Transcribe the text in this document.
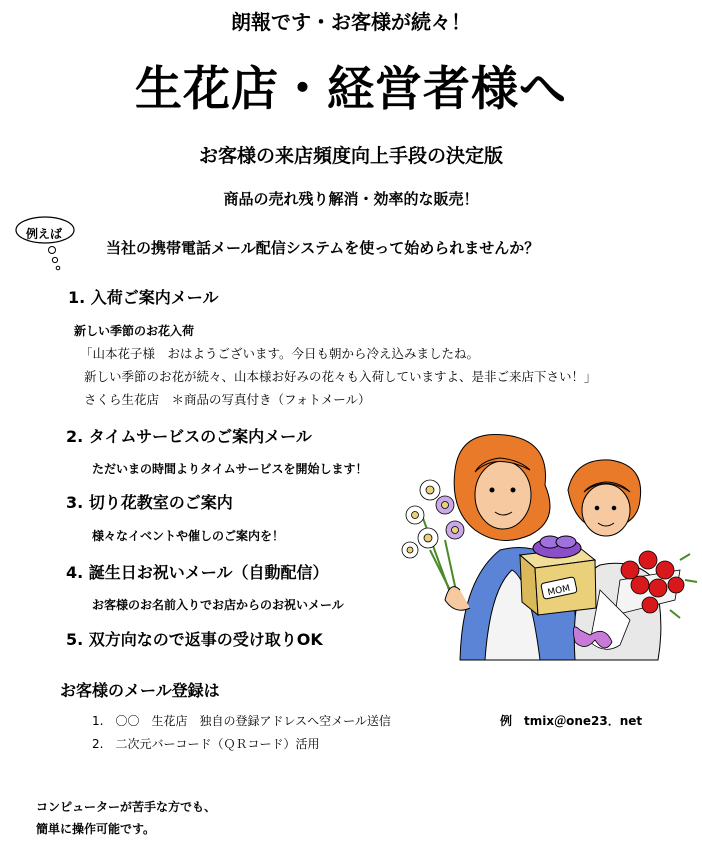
朗報です・お客様が続々！
生花店・経営者様へ
お客様の来店頻度向上手段の決定版
商品の売れ残り解消・効率的な販売！
例えば
当社の携帯電話メール配信システムを使って始められませんか？
1. 入荷ご案内メール
新しい季節のお花入荷
「山本花子様　おはようございます。今日も朝から冷え込みましたね。
新しい季節のお花が続々、山本様お好みの花々も入荷していますよ、是非ご来店下さい！」
さくら生花店　＊商品の写真付き（フォトメール）
2. タイムサービスのご案内メール
ただいまの時間よりタイムサービスを開始します！
3. 切り花教室のご案内
様々なイベントや催しのご案内を！
4. 誕生日お祝いメール（自動配信）
お客様のお名前入りでお店からのお祝いメール
5. 双方向なので返事の受け取りOK
お客様のメール登録は
1.　〇〇　生花店　独自の登録アドレスへ空メール送信	例　tmix＠one23．net
2.　二次元バーコード（ＱＲコード）活用
コンピューターが苦手な方でも、
簡単に操作可能です。
MOM
